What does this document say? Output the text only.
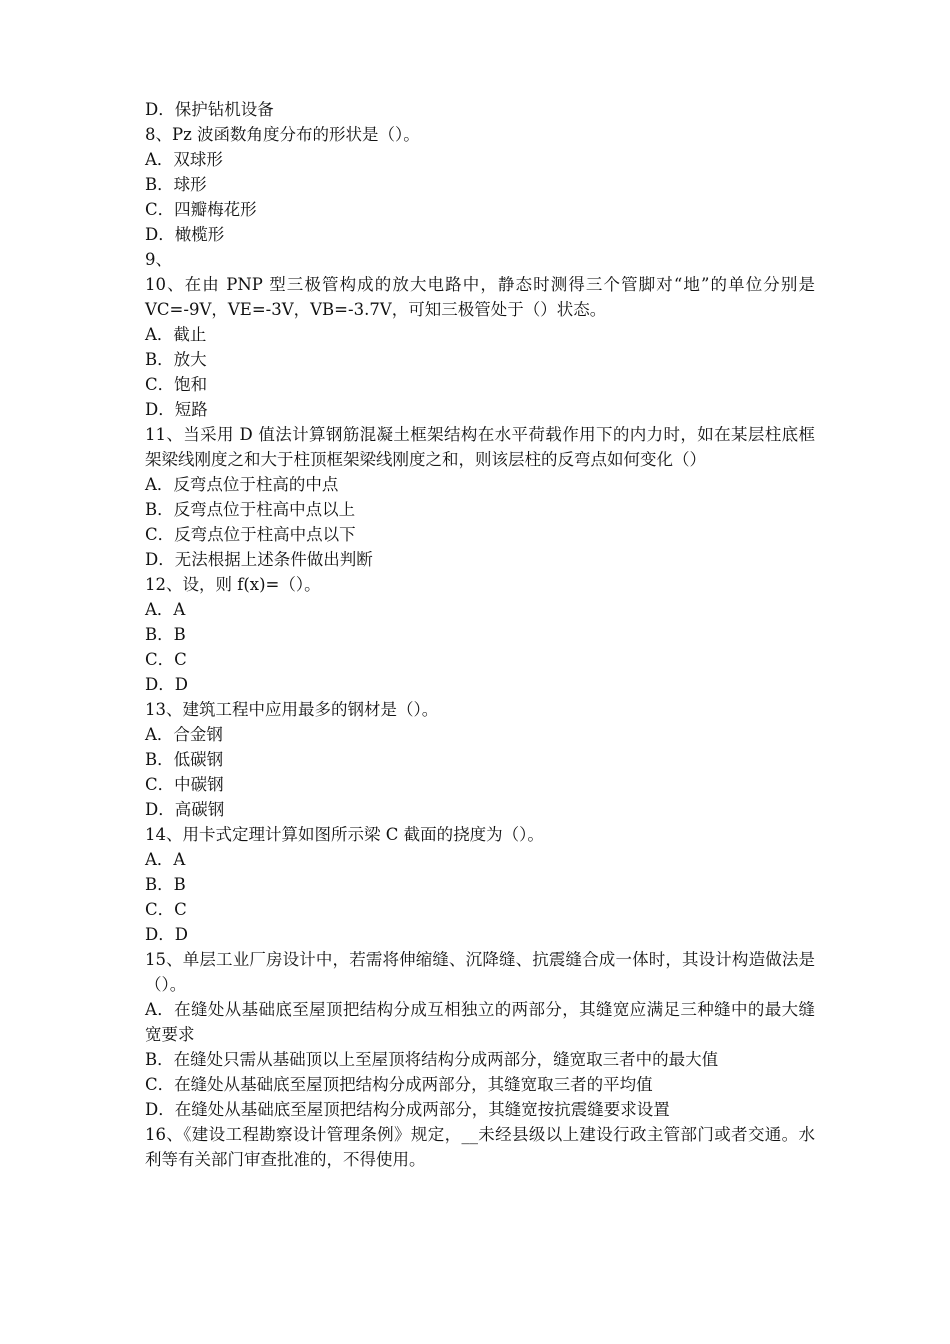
D．保护钻机设备
8、Pz 波函数角度分布的形状是（）。
A．双球形
B．球形
C．四瓣梅花形
D．橄榄形
9、
10、在由 PNP 型三极管构成的放大电路中，静态时测得三个管脚对“地”的单位分别是 VC=-9V，VE=-3V，VB=-3.7V，可知三极管处于（）状态。
A．截止
B．放大
C．饱和
D．短路
11、当采用 D 值法计算钢筋混凝土框架结构在水平荷载作用下的内力时，如在某层柱底框架梁线刚度之和大于柱顶框架梁线刚度之和，则该层柱的反弯点如何变化（）
A．反弯点位于柱高的中点
B．反弯点位于柱高中点以上
C．反弯点位于柱高中点以下
D．无法根据上述条件做出判断
12、设，则 f(x)=（）。
A．A
B．B
C．C
D．D
13、建筑工程中应用最多的钢材是（）。
A．合金钢
B．低碳钢
C．中碳钢
D．高碳钢
14、用卡式定理计算如图所示梁 C 截面的挠度为（）。
A．A
B．B
C．C
D．D
15、单层工业厂房设计中，若需将伸缩缝、沉降缝、抗震缝合成一体时，其设计构造做法是（）。
A．在缝处从基础底至屋顶把结构分成互相独立的两部分，其缝宽应满足三种缝中的最大缝宽要求
B．在缝处只需从基础顶以上至屋顶将结构分成两部分，缝宽取三者中的最大值
C．在缝处从基础底至屋顶把结构分成两部分，其缝宽取三者的平均值
D．在缝处从基础底至屋顶把结构分成两部分，其缝宽按抗震缝要求设置
16、《建设工程勘察设计管理条例》规定，__未经县级以上建设行政主管部门或者交通。水利等有关部门审查批准的，不得使用。
